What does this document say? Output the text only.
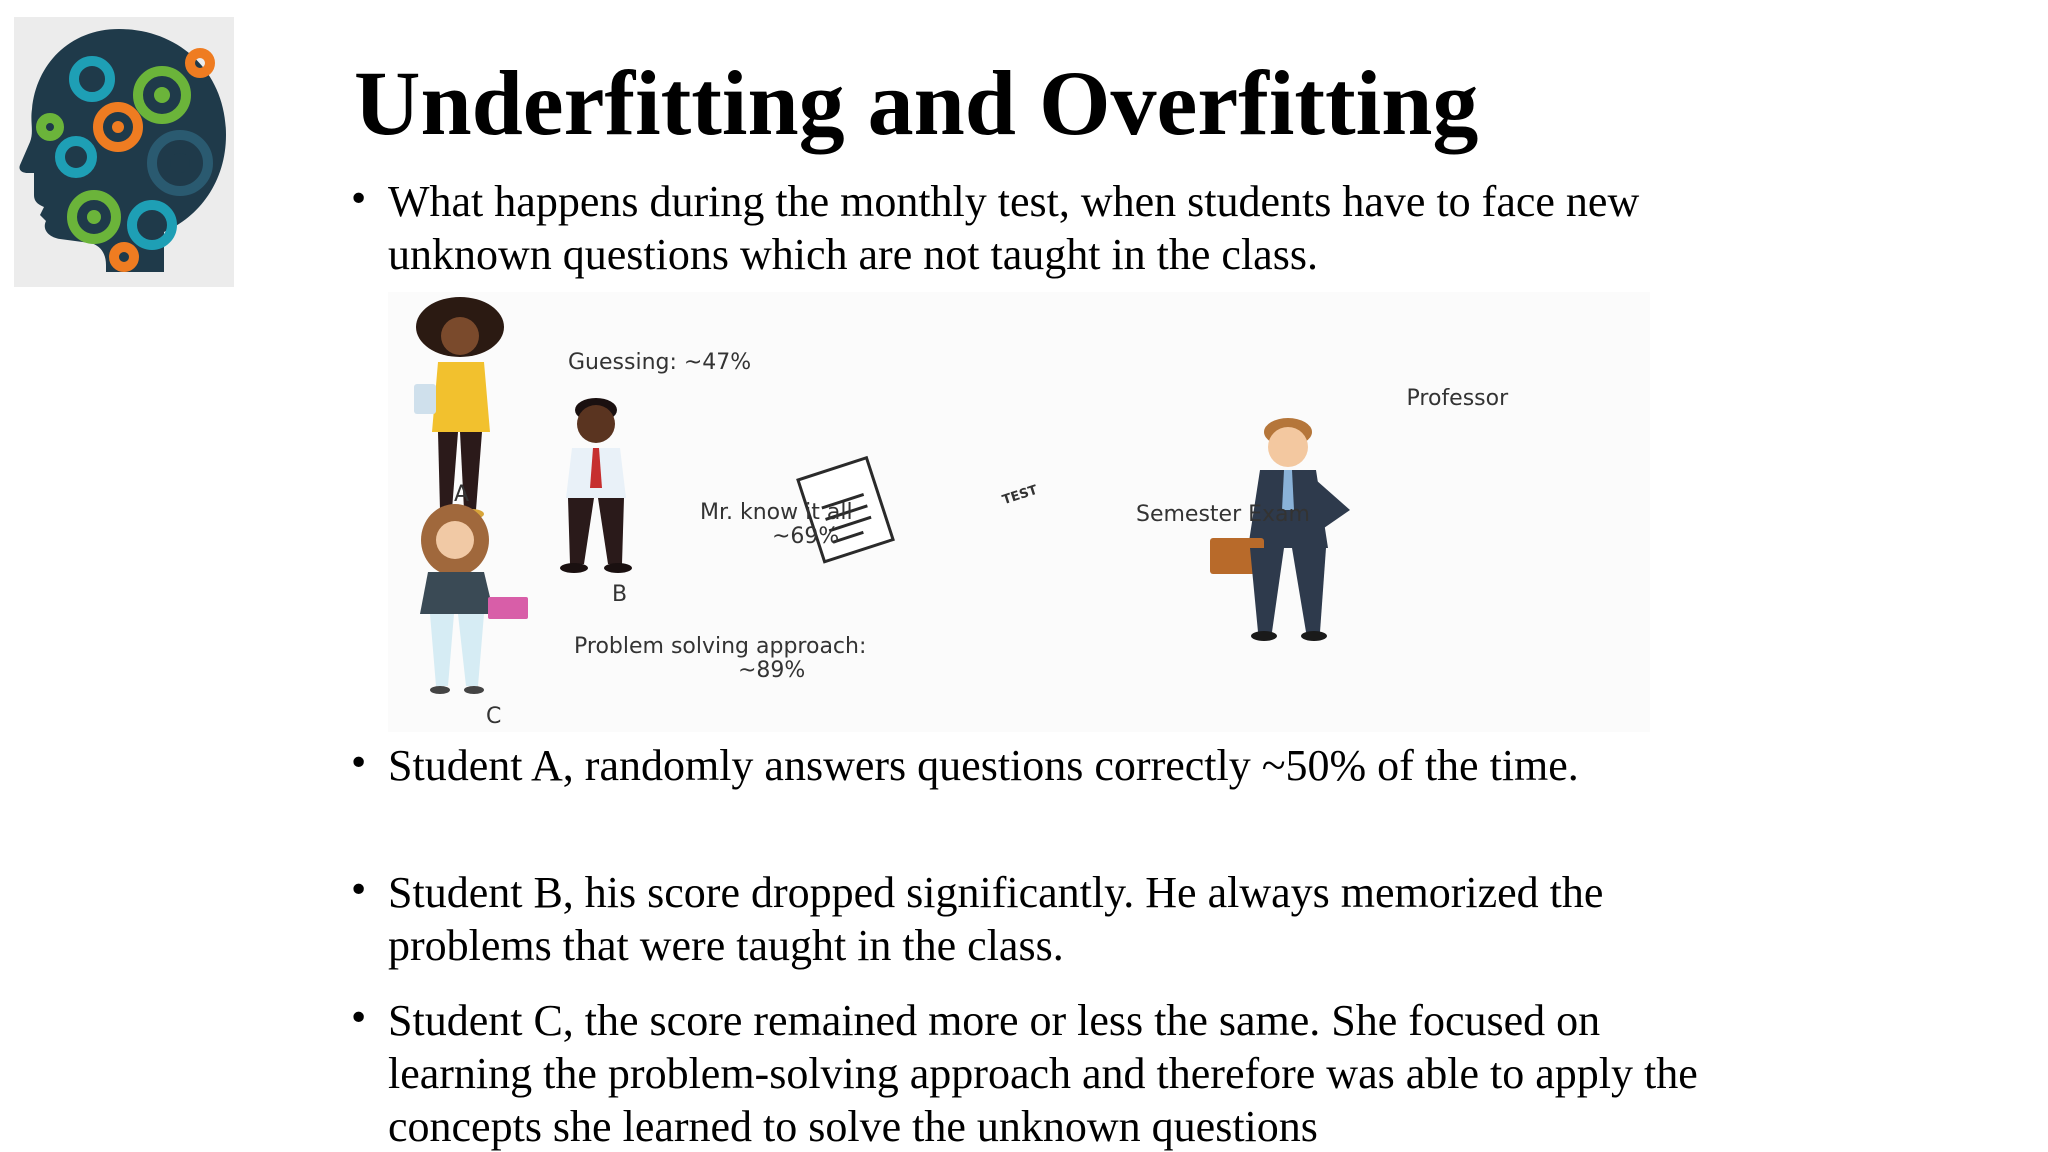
Underfitting and Overfitting
• What happens during the monthly test, when students have to face new unknown questions which are not taught in the class.
Guessing: ~47%
A
Mr. know it all
~69%
B
Problem solving approach:
~89%
C
Semester Exam
Professor
TEST
• Student A, randomly answers questions correctly ~50% of the time.
• Student B, his score dropped significantly. He always memorized the problems that were taught in the class.
• Student C, the score remained more or less the same. She focused on learning the problem-solving approach and therefore was able to apply the concepts she learned to solve the unknown questions
